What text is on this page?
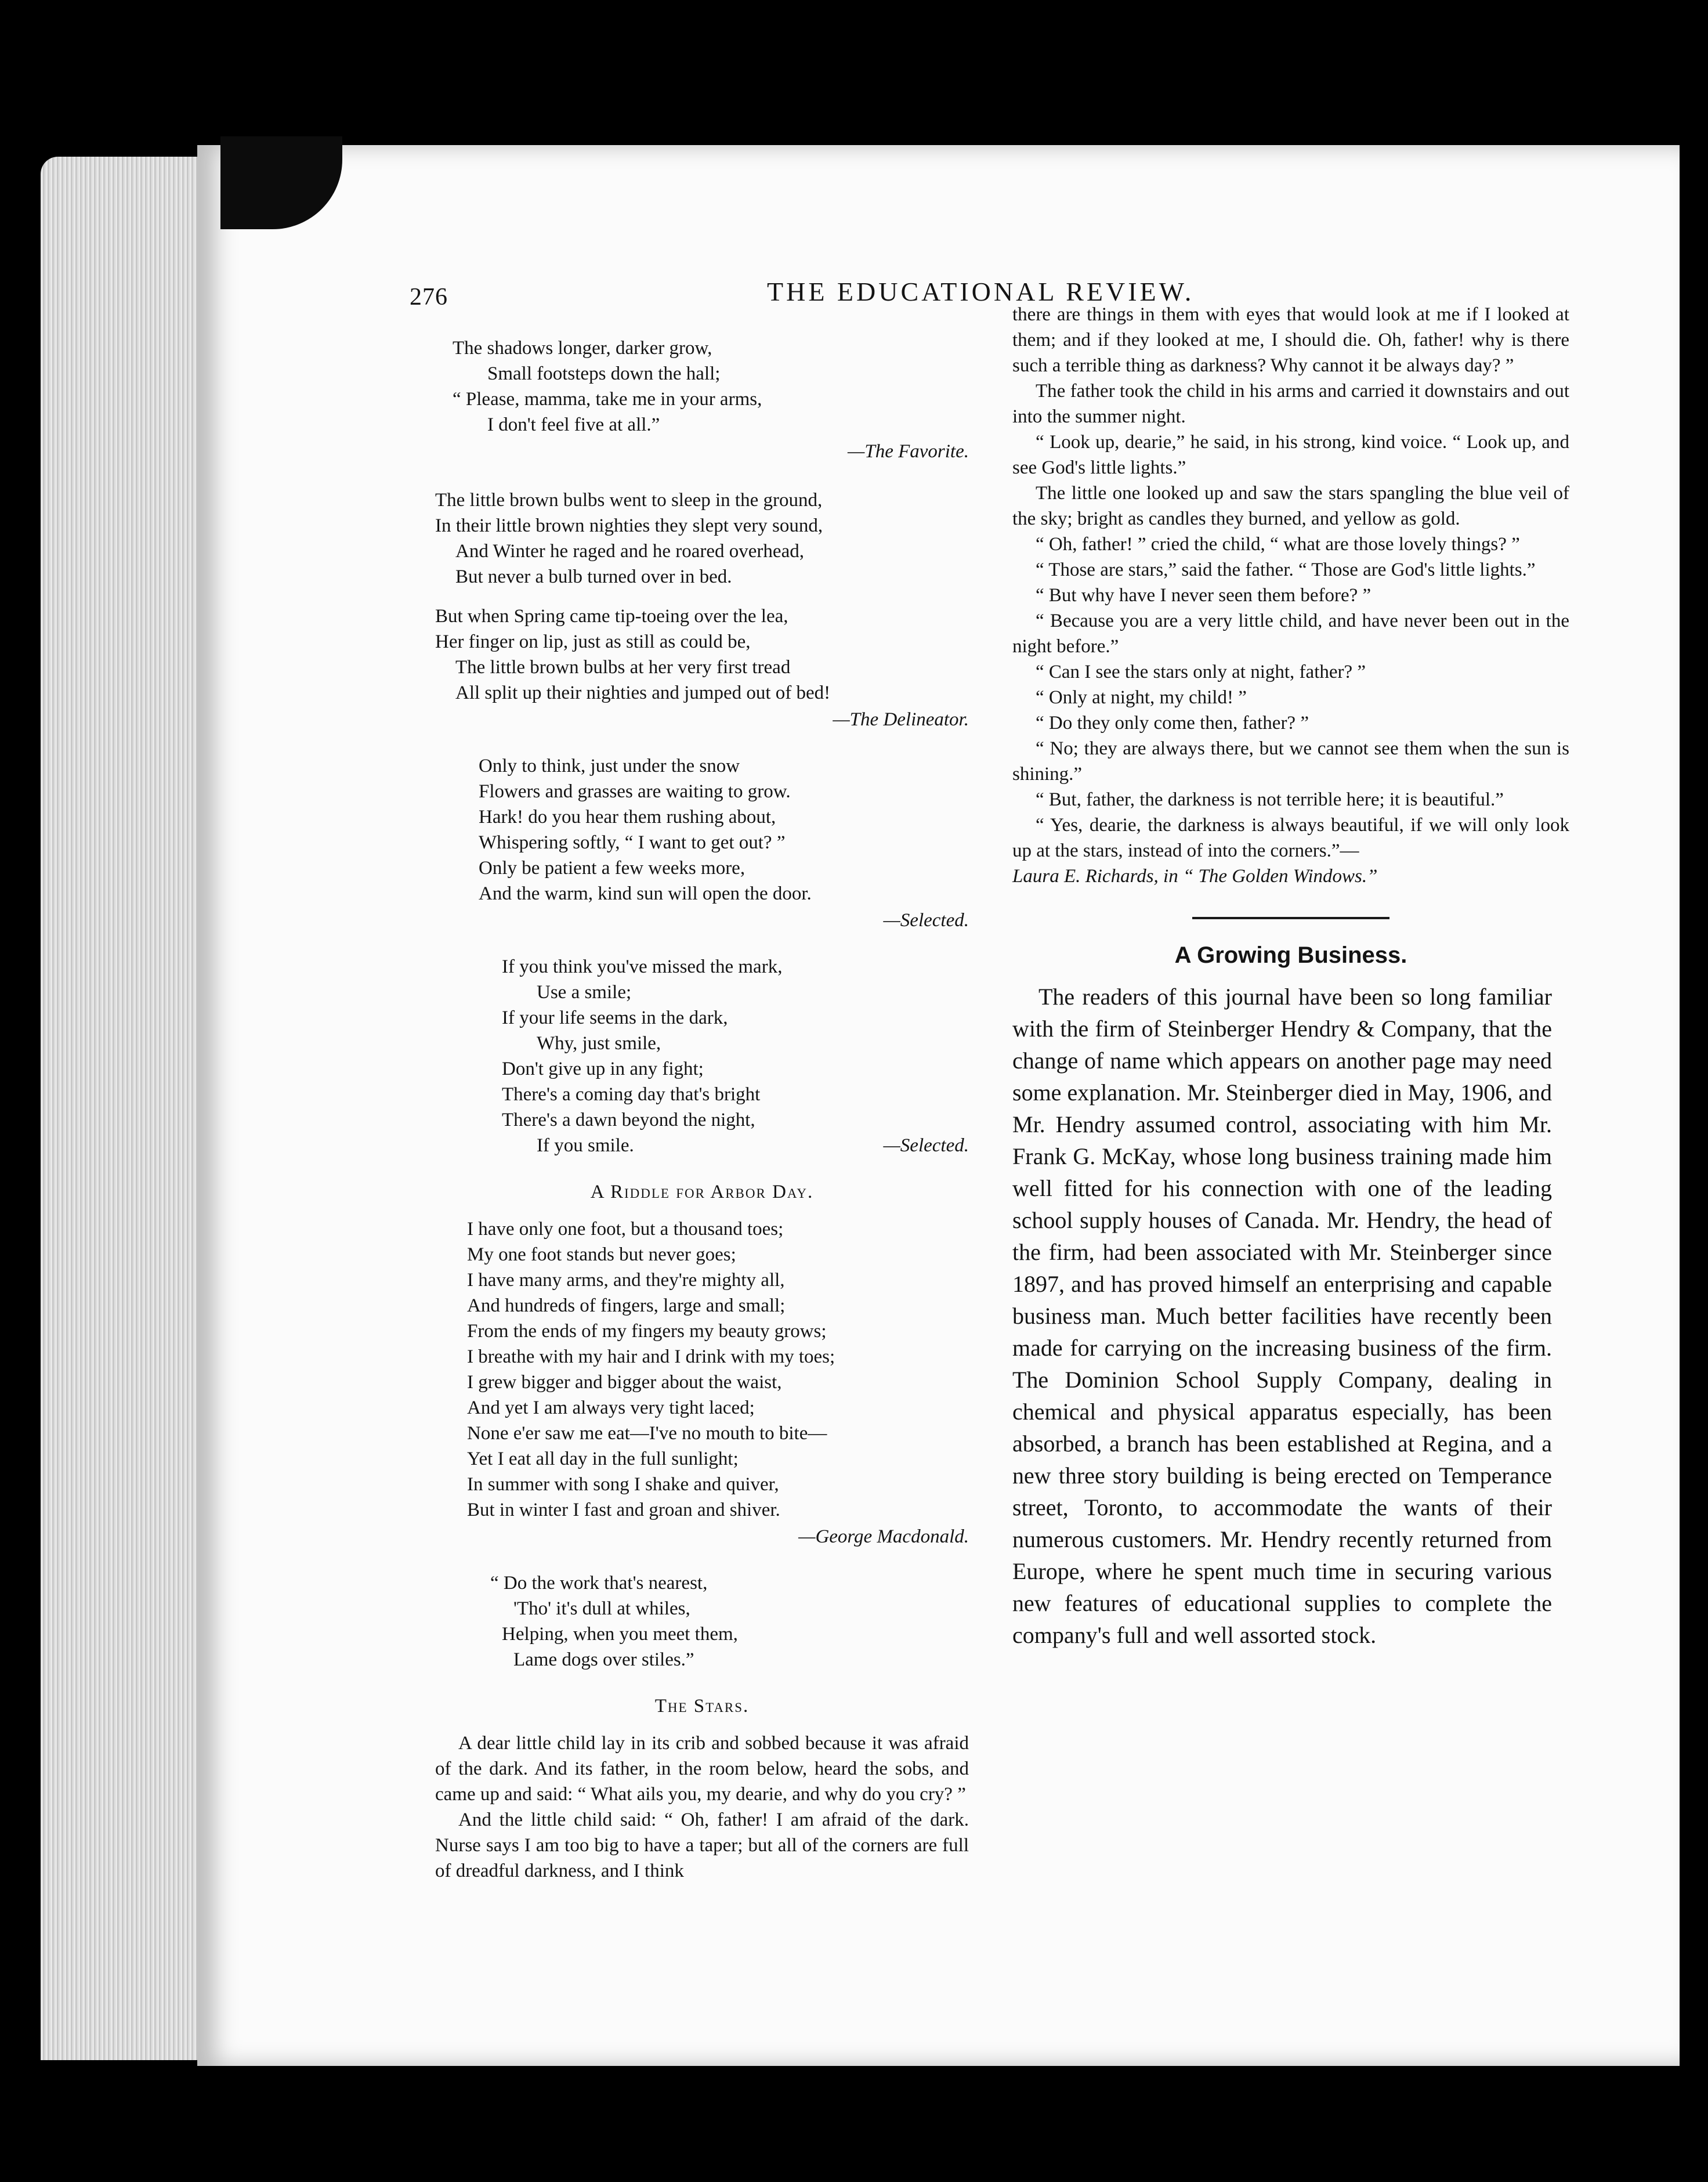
276	THE EDUCATIONAL REVIEW.
The shadows longer, darker grow,
Small footsteps down the hall;
“ Please, mamma, take me in your arms,
I don't feel five at all.”
—The Favorite.
The little brown bulbs went to sleep in the ground,
In their little brown nighties they slept very sound,
And Winter he raged and he roared overhead,
But never a bulb turned over in bed.
But when Spring came tip-toeing over the lea,
Her finger on lip, just as still as could be,
The little brown bulbs at her very first tread
All split up their nighties and jumped out of bed!
—The Delineator.
Only to think, just under the snow
Flowers and grasses are waiting to grow.
Hark! do you hear them rushing about,
Whispering softly, “ I want to get out? ”
Only be patient a few weeks more,
And the warm, kind sun will open the door.
—Selected.
If you think you've missed the mark,
Use a smile;
If your life seems in the dark,
Why, just smile,
Don't give up in any fight;
There's a coming day that's bright
There's a dawn beyond the night,
If you smile.	—Selected.
A Riddle for Arbor Day.
I have only one foot, but a thousand toes;
My one foot stands but never goes;
I have many arms, and they're mighty all,
And hundreds of fingers, large and small;
From the ends of my fingers my beauty grows;
I breathe with my hair and I drink with my toes;
I grew bigger and bigger about the waist,
And yet I am always very tight laced;
None e'er saw me eat—I've no mouth to bite—
Yet I eat all day in the full sunlight;
In summer with song I shake and quiver,
But in winter I fast and groan and shiver.
—George Macdonald.
“ Do the work that's nearest,
'Tho' it's dull at whiles,
Helping, when you meet them,
Lame dogs over stiles.”
The Stars.

A dear little child lay in its crib and sobbed because it was afraid of the dark. And its father, in the room below, heard the sobs, and came up and said: “ What ails you, my dearie, and why do you cry? ”

And the little child said: “ Oh, father! I am afraid of the dark. Nurse says I am too big to have a taper; but all of the corners are full of dreadful darkness, and I think

there are things in them with eyes that would look at me if I looked at them; and if they looked at me, I should die. Oh, father! why is there such a terrible thing as darkness? Why cannot it be always day? ”

The father took the child in his arms and carried it downstairs and out into the summer night.

“ Look up, dearie,” he said, in his strong, kind voice. “ Look up, and see God's little lights.”

The little one looked up and saw the stars spangling the blue veil of the sky; bright as candles they burned, and yellow as gold.

“ Oh, father! ” cried the child, “ what are those lovely things? ”

“ Those are stars,” said the father. “ Those are God's little lights.”

“ But why have I never seen them before? ”

“ Because you are a very little child, and have never been out in the night before.”

“ Can I see the stars only at night, father? ”

“ Only at night, my child! ”

“ Do they only come then, father? ”

“ No; they are always there, but we cannot see them when the sun is shining.”

“ But, father, the darkness is not terrible here; it is beautiful.”

“ Yes, dearie, the darkness is always beautiful, if we will only look up at the stars, instead of into the corners.”—

Laura E. Richards, in “ The Golden Windows.”

A Growing Business.

The readers of this journal have been so long familiar with the firm of Steinberger Hendry & Company, that the change of name which appears on another page may need some explanation. Mr. Steinberger died in May, 1906, and Mr. Hendry assumed control, associating with him Mr. Frank G. McKay, whose long business training made him well fitted for his connection with one of the leading school supply houses of Canada. Mr. Hendry, the head of the firm, had been associated with Mr. Steinberger since 1897, and has proved himself an enterprising and capable business man. Much better facilities have recently been made for carrying on the increasing business of the firm. The Dominion School Supply Company, dealing in chemical and physical apparatus especially, has been absorbed, a branch has been established at Regina, and a new three story building is being erected on Temperance street, Toronto, to accommodate the wants of their numerous customers. Mr. Hendry recently returned from Europe, where he spent much time in securing various new features of educational supplies to complete the company's full and well assorted stock.
